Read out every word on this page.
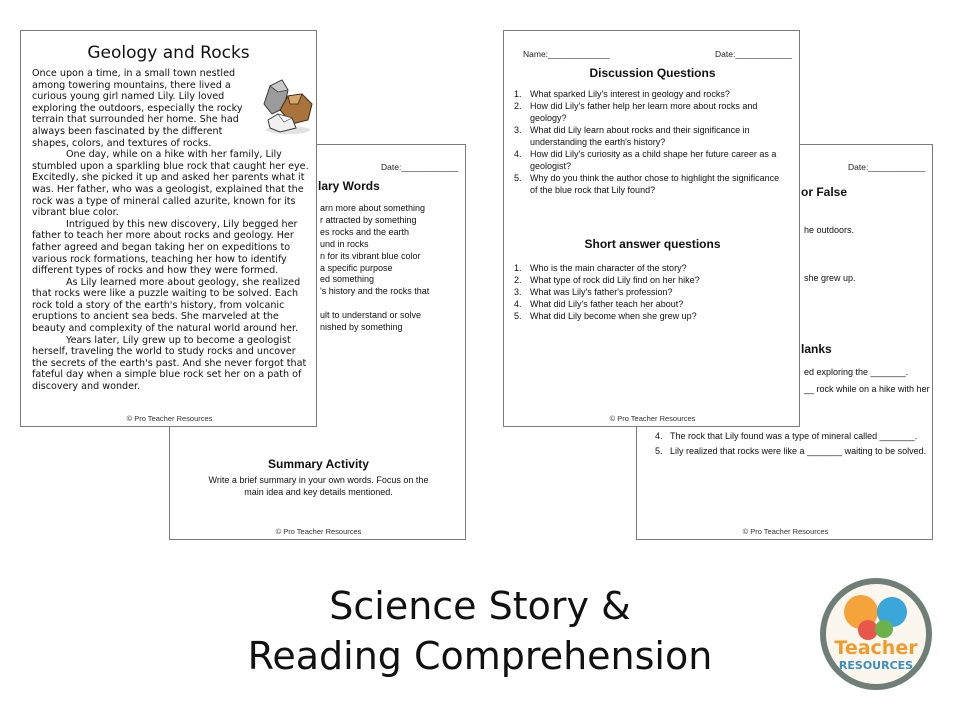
Date:____________
lary Words
arn more about something
r attracted by something
es rocks and the earth
und in rocks
n for its vibrant blue color
a specific purpose
ed something
's history and the rocks that
ult to understand or solve
nished by something
Summary Activity
Write a brief summary in your own words. Focus on the
main idea and key details mentioned.
© Pro Teacher Resources
Geology and Rocks

Once upon a time, in a small town nestled among towering mountains, there lived a curious young girl named Lily. Lily loved exploring the outdoors, especially the rocky terrain that surrounded her home. She had always been fascinated by the different shapes, colors, and textures of rocks.

One day, while on a hike with her family, Lily stumbled upon a sparkling blue rock that caught her eye. Excitedly, she picked it up and asked her parents what it was. Her father, who was a geologist, explained that the rock was a type of mineral called azurite, known for its vibrant blue color.

Intrigued by this new discovery, Lily begged her father to teach her more about rocks and geology. Her father agreed and began taking her on expeditions to various rock formations, teaching her how to identify different types of rocks and how they were formed.

As Lily learned more about geology, she realized that rocks were like a puzzle waiting to be solved. Each rock told a story of the earth's history, from volcanic eruptions to ancient sea beds. She marveled at the beauty and complexity of the natural world around her.

Years later, Lily grew up to become a geologist herself, traveling the world to study rocks and uncover the secrets of the earth's past. And she never forgot that fateful day when a simple blue rock set her on a path of discovery and wonder.

© Pro Teacher Resources
Date:____________
or False
he outdoors.
she grew up.
lanks
ed exploring the _______.
__ rock while on a hike with her
4. The rock that Lily found was a type of mineral called _______.
5. Lily realized that rocks were like a _______ waiting to be solved.
© Pro Teacher Resources
Name:_____________	Date:____________
Discussion Questions
1. What sparked Lily's interest in geology and rocks?
2. How did Lily's father help her learn more about rocks and
geology?
3. What did Lily learn about rocks and their significance in
understanding the earth's history?
4. How did Lily's curiosity as a child shape her future career as a
geologist?
5. Why do you think the author chose to highlight the significance
of the blue rock that Lily found?
Short answer questions
1. Who is the main character of the story?
2. What type of rock did Lily find on her hike?
3. What was Lily's father's profession?
4. What did Lily's father teach her about?
5. What did Lily become when she grew up?
© Pro Teacher Resources
Science Story &
Reading Comprehension	Teacher
RESOURCES
